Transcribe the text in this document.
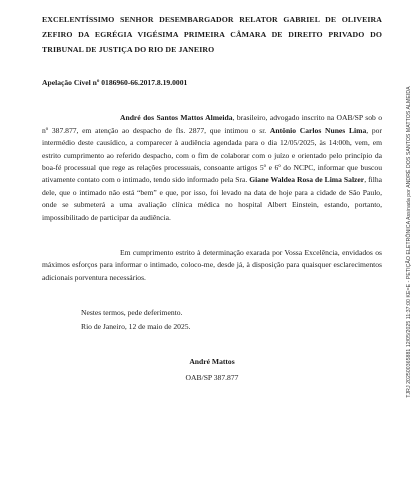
EXCELENTÍSSIMO SENHOR DESEMBARGADOR RELATOR GABRIEL DE OLIVEIRA ZEFIRO DA EGRÉGIA VIGÉSIMA PRIMEIRA CÂMARA DE DIREITO PRIVADO DO TRIBUNAL DE JUSTIÇA DO RIO DE JANEIRO

Apelação Cível nº 0186960-66.2017.8.19.0001

André dos Santos Mattos Almeida, brasileiro, advogado inscrito na OAB/SP sob o nº 387.877, em atenção ao despacho de fls. 2877, que intimou o sr. Antônio Carlos Nunes Lima, por intermédio deste causídico, a comparecer à audiência agendada para o dia 12/05/2025, às 14:00h, vem, em estrito cumprimento ao referido despacho, com o fim de colaborar com o juízo e orientado pelo princípio da boa-fé processual que rege as relações processuais, consoante artigos 5º e 6º do NCPC, informar que buscou ativamente contato com o intimado, tendo sido informado pela Sra. Giane Waldea Rosa de Lima Salzer, filha dele, que o intimado não está “bem” e que, por isso, foi levado na data de hoje para a cidade de São Paulo, onde se submeterá a uma avaliação clínica médica no hospital Albert Einstein, estando, portanto, impossibilitado de participar da audiência.

Em cumprimento estrito à determinação exarada por Vossa Excelência, envidados os máximos esforços para informar o intimado, coloco-me, desde já, à disposição para quaisquer esclarecimentos adicionais porventura necessários.

Nestes termos, pede deferimento.
Rio de Janeiro, 12 de maio de 2025.
André Mattos
OAB/SP 387.877	TJRJ 202500365881 12/05/2025 11:37:00 KE=E - PETIÇÃO ELETRÔNICA Assinada por ANDRÉ DOS SANTOS MATTOS ALMEIDA
